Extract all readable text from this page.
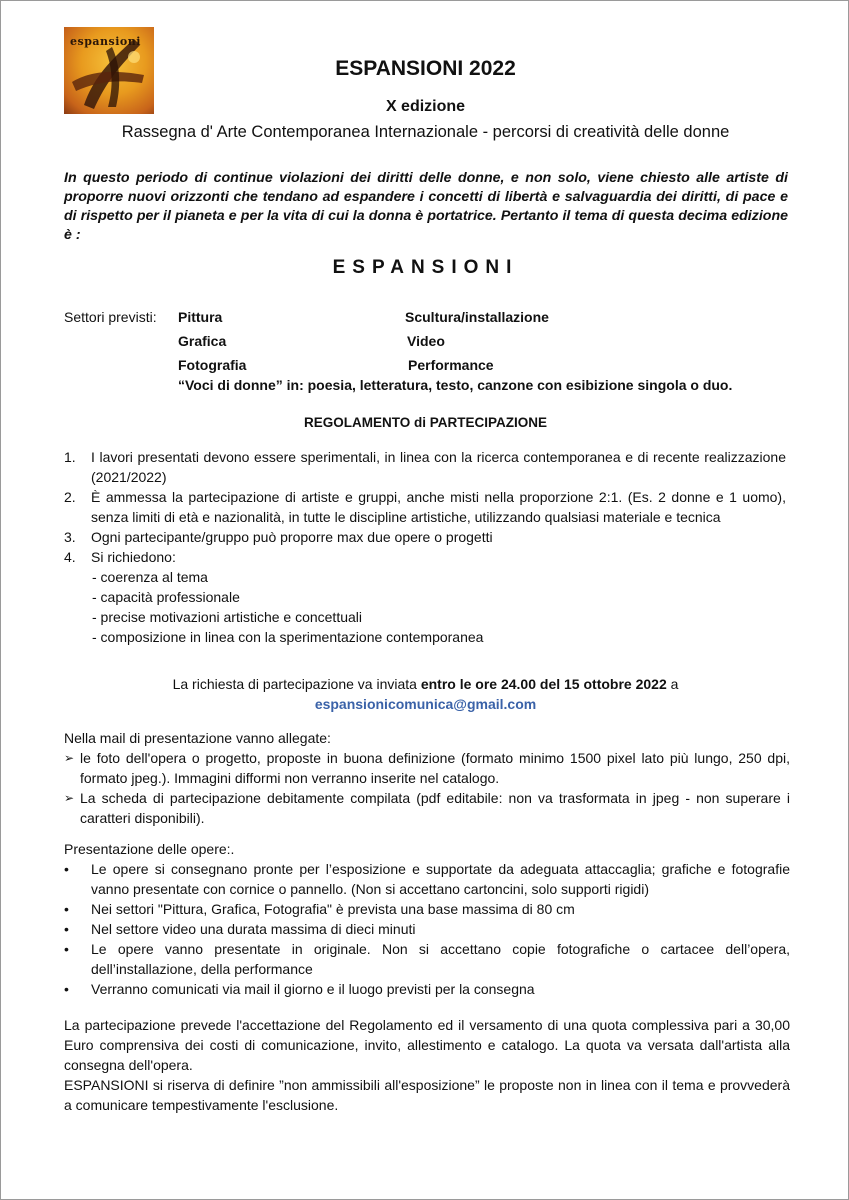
espansioni
ESPANSIONI 2022
X edizione
Rassegna d' Arte Contemporanea Internazionale - percorsi di creatività delle donne
In questo periodo di continue violazioni dei diritti delle donne, e non solo, viene chiesto alle artiste di proporre nuovi orizzonti che tendano ad espandere i concetti di libertà e salvaguardia dei diritti, di pace e di rispetto per il pianeta e per la vita di cui la donna è portatrice. Pertanto il tema di questa decima edizione è :
ESPANSIONI
Settori previsti: Pittura
Grafica
Fotografia
Scultura/installazione
Video
Performance
“Voci di donne” in: poesia, letteratura, testo, canzone con esibizione singola o duo.
REGOLAMENTO di PARTECIPAZIONE
1. I lavori presentati devono essere sperimentali, in linea con la ricerca contemporanea e di recente realizzazione (2021/2022)
2. È ammessa la partecipazione di artiste e gruppi, anche misti nella proporzione 2:1. (Es. 2 donne e 1 uomo), senza limiti di età e nazionalità, in tutte le discipline artistiche, utilizzando qualsiasi materiale e tecnica
3. Ogni partecipante/gruppo può proporre max due opere o progetti
4. Si richiedono:
- coerenza al tema
- capacità professionale
- precise motivazioni artistiche e concettuali
- composizione in linea con la sperimentazione contemporanea
La richiesta di partecipazione va inviata entro le ore 24.00 del 15 ottobre 2022 a
espansionicomunica@gmail.com
Nella mail di presentazione vanno allegate:
➢ le foto dell'opera o progetto, proposte in buona definizione (formato minimo 1500 pixel lato più lungo, 250 dpi, formato jpeg.). Immagini difformi non verranno inserite nel catalogo.
➢ La scheda di partecipazione debitamente compilata (pdf editabile: non va trasformata in jpeg - non superare i caratteri disponibili).
Presentazione delle opere:.
• Le opere si consegnano pronte per l’esposizione e supportate da adeguata attaccaglia; grafiche e fotografie vanno presentate con cornice o pannello. (Non si accettano cartoncini, solo supporti rigidi)
• Nei settori "Pittura, Grafica, Fotografia" è prevista una base massima di 80 cm
• Nel settore video una durata massima di dieci minuti
• Le opere vanno presentate in originale. Non si accettano copie fotografiche o cartacee dell’opera, dell’installazione, della performance
• Verranno comunicati via mail il giorno e il luogo previsti per la consegna
La partecipazione prevede l'accettazione del Regolamento ed il versamento di una quota complessiva pari a 30,00 Euro comprensiva dei costi di comunicazione, invito, allestimento e catalogo. La quota va versata dall'artista alla consegna dell'opera.
ESPANSIONI si riserva di definire ”non ammissibili all'esposizione” le proposte non in linea con il tema e provvederà a comunicare tempestivamente l'esclusione.
